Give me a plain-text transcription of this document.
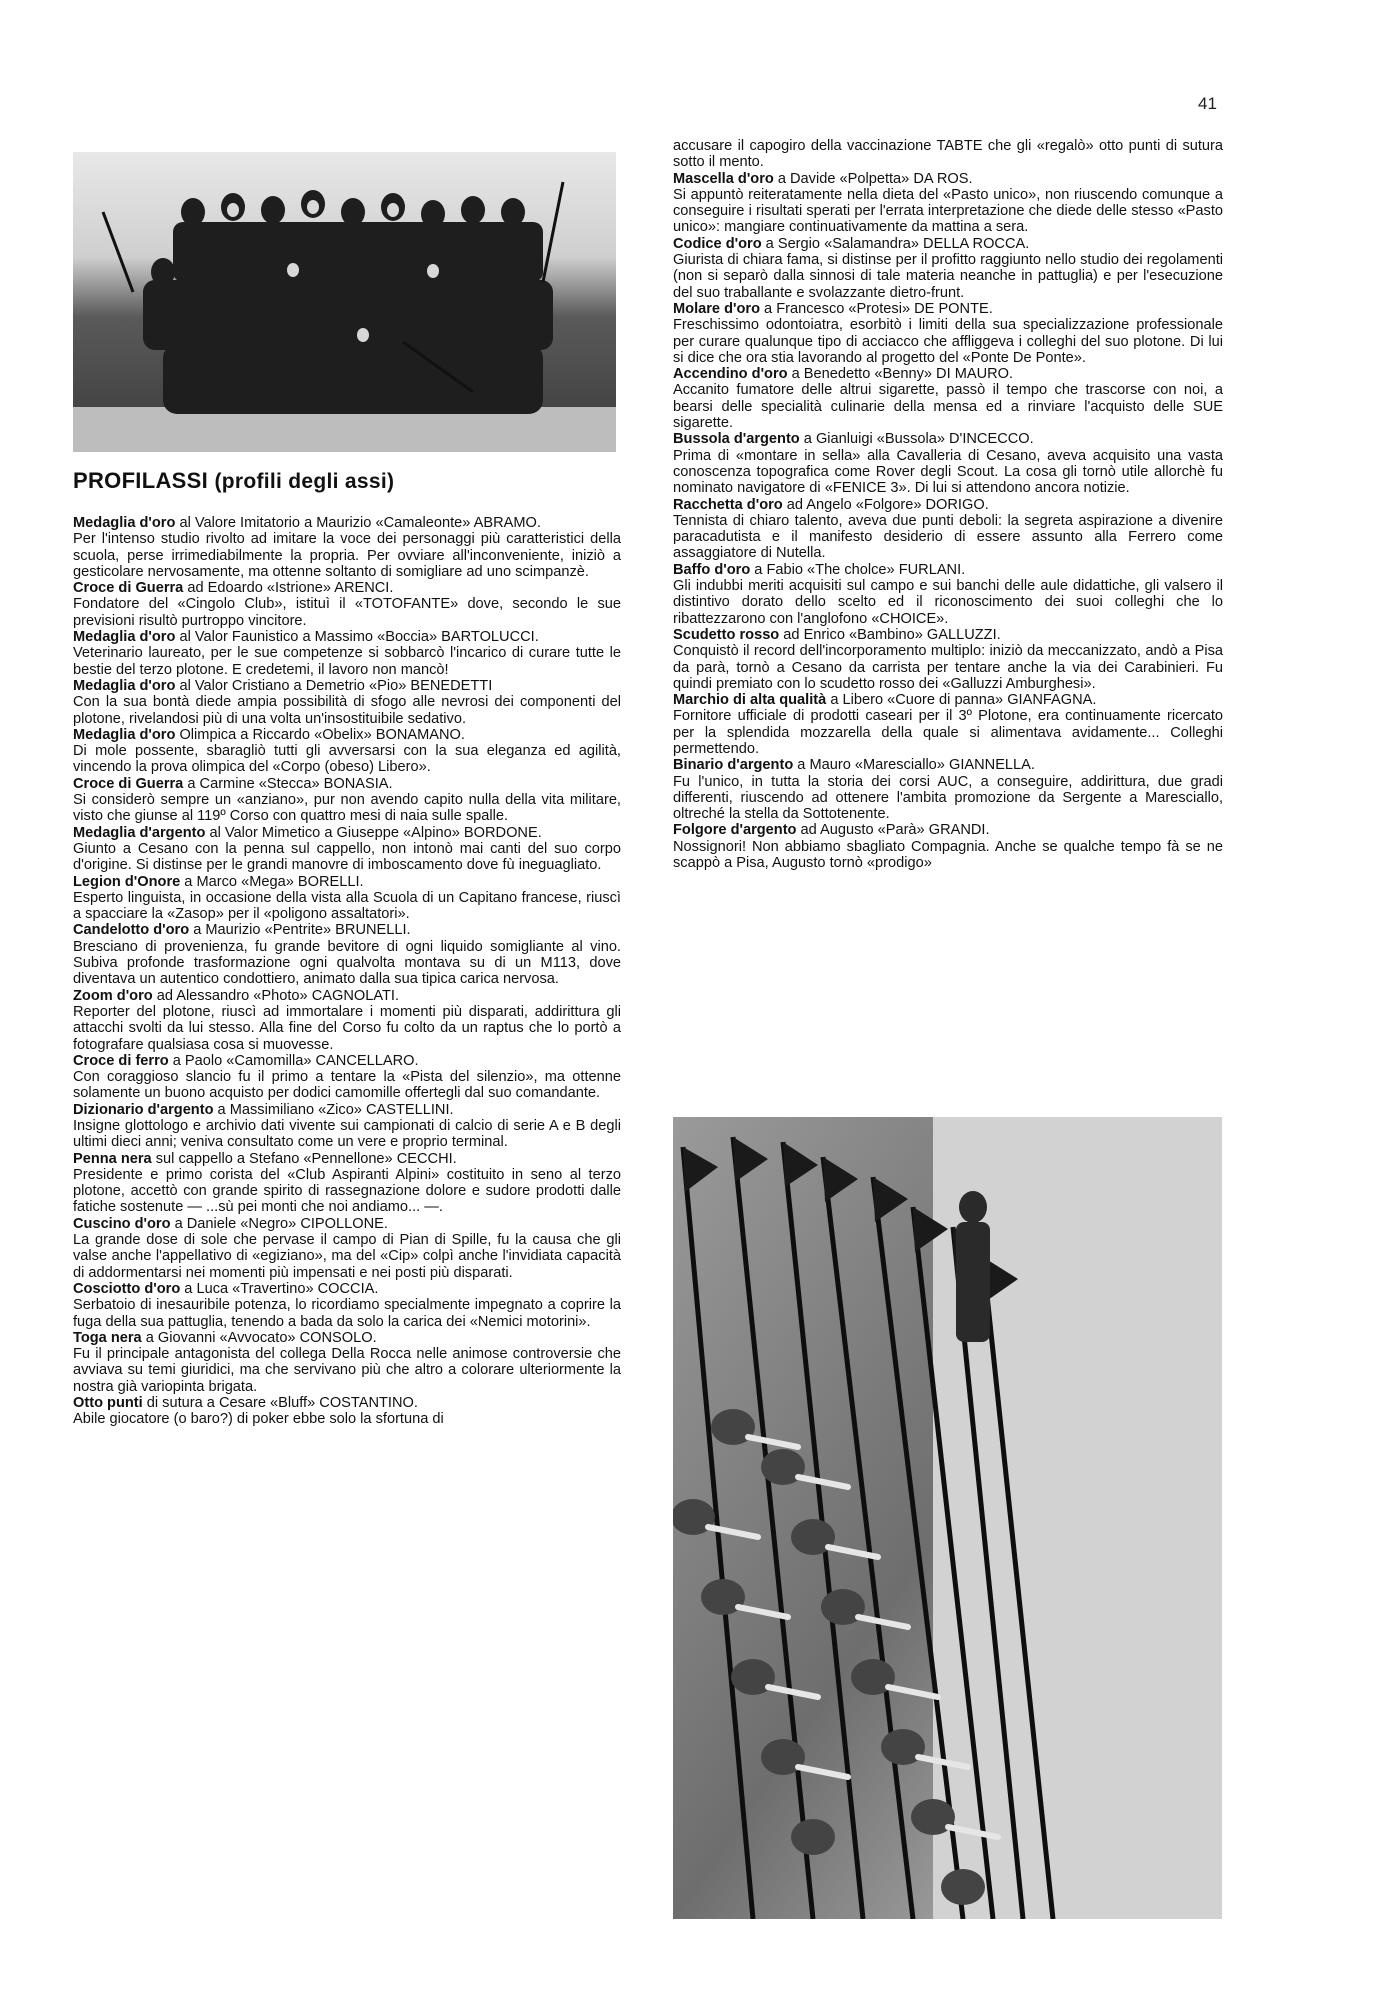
41
PROFILASSI (profili degli assi)

Medaglia d'oro al Valore Imitatorio a Maurizio «Camaleonte» ABRAMO.
Per l'intenso studio rivolto ad imitare la voce dei personaggi più caratteristici della scuola, perse irrimediabilmente la propria. Per ovviare all'inconveniente, iniziò a gesticolare nervosamente, ma ottenne soltanto di somigliare ad uno scimpanzè.

Croce di Guerra ad Edoardo «Istrione» ARENCI.
Fondatore del «Cingolo Club», istituì il «TOTOFANTE» dove, secondo le sue previsioni risultò purtroppo vincitore.

Medaglia d'oro al Valor Faunistico a Massimo «Boccia» BARTOLUCCI.
Veterinario laureato, per le sue competenze si sobbarcò l'incarico di curare tutte le bestie del terzo plotone. E credetemi, il lavoro non mancò!

Medaglia d'oro al Valor Cristiano a Demetrio «Pio» BENEDETTI
Con la sua bontà diede ampia possibilità di sfogo alle nevrosi dei componenti del plotone, rivelandosi più di una volta un'insostituibile sedativo.

Medaglia d'oro Olimpica a Riccardo «Obelix» BONAMANO.
Di mole possente, sbaragliò tutti gli avversarsi con la sua eleganza ed agilità, vincendo la prova olimpica del «Corpo (obeso) Libero».

Croce di Guerra a Carmine «Stecca» BONASIA.
Si considerò sempre un «anziano», pur non avendo capito nulla della vita militare, visto che giunse al 119º Corso con quattro mesi di naia sulle spalle.

Medaglia d'argento al Valor Mimetico a Giuseppe «Alpino» BORDONE.
Giunto a Cesano con la penna sul cappello, non intonò mai canti del suo corpo d'origine. Si distinse per le grandi manovre di imboscamento dove fù ineguagliato.

Legion d'Onore a Marco «Mega» BORELLI.
Esperto linguista, in occasione della vista alla Scuola di un Capitano francese, riuscì a spacciare la «Zasop» per il «poligono assaltatori».

Candelotto d'oro a Maurizio «Pentrite» BRUNELLI.
Bresciano di provenienza, fu grande bevitore di ogni liquido somigliante al vino. Subiva profonde trasformazione ogni qualvolta montava su di un M113, dove diventava un autentico condottiero, animato dalla sua tipica carica nervosa.

Zoom d'oro ad Alessandro «Photo» CAGNOLATI.
Reporter del plotone, riuscì ad immortalare i momenti più disparati, addirittura gli attacchi svolti da lui stesso. Alla fine del Corso fu colto da un raptus che lo portò a fotografare qualsiasa cosa si muovesse.

Croce di ferro a Paolo «Camomilla» CANCELLARO.
Con coraggioso slancio fu il primo a tentare la «Pista del silenzio», ma ottenne solamente un buono acquisto per dodici camomille offertegli dal suo comandante.

Dizionario d'argento a Massimiliano «Zico» CASTELLINI.
Insigne glottologo e archivio dati vivente sui campionati di calcio di serie A e B degli ultimi dieci anni; veniva consultato come un vere e proprio terminal.

Penna nera sul cappello a Stefano «Pennellone» CECCHI.
Presidente e primo corista del «Club Aspiranti Alpini» costituito in seno al terzo plotone, accettò con grande spirito di rassegnazione dolore e sudore prodotti dalle fatiche sostenute — ...sù pei monti che noi andiamo... —.

Cuscino d'oro a Daniele «Negro» CIPOLLONE.
La grande dose di sole che pervase il campo di Pian di Spille, fu la causa che gli valse anche l'appellativo di «egiziano», ma del «Cip» colpì anche l'invidiata capacità di addormentarsi nei momenti più impensati e nei posti più disparati.

Cosciotto d'oro a Luca «Travertino» COCCIA.
Serbatoio di inesauribile potenza, lo ricordiamo specialmente impegnato a coprire la fuga della sua pattuglia, tenendo a bada da solo la carica dei «Nemici motorini».

Toga nera a Giovanni «Avvocato» CONSOLO.
Fu il principale antagonista del collega Della Rocca nelle animose controversie che avviava su temi giuridici, ma che servivano più che altro a colorare ulteriormente la nostra già variopinta brigata.

Otto punti di sutura a Cesare «Bluff» COSTANTINO.
Abile giocatore (o baro?) di poker ebbe solo la sfortuna di

accusare il capogiro della vaccinazione TABTE che gli «regalò» otto punti di sutura sotto il mento.

Mascella d'oro a Davide «Polpetta» DA ROS.
Si appuntò reiteratamente nella dieta del «Pasto unico», non riuscendo comunque a conseguire i risultati sperati per l'errata interpretazione che diede delle stesso «Pasto unico»: mangiare continuativamente da mattina a sera.

Codice d'oro a Sergio «Salamandra» DELLA ROCCA.
Giurista di chiara fama, si distinse per il profitto raggiunto nello studio dei regolamenti (non si separò dalla sinnosi di tale materia neanche in pattuglia) e per l'esecuzione del suo traballante e svolazzante dietro-frunt.

Molare d'oro a Francesco «Protesi» DE PONTE.
Freschissimo odontoiatra, esorbitò i limiti della sua specializzazione professionale per curare qualunque tipo di acciacco che affliggeva i colleghi del suo plotone. Di lui si dice che ora stia lavorando al progetto del «Ponte De Ponte».

Accendino d'oro a Benedetto «Benny» DI MAURO.
Accanito fumatore delle altrui sigarette, passò il tempo che trascorse con noi, a bearsi delle specialità culinarie della mensa ed a rinviare l'acquisto delle SUE sigarette.

Bussola d'argento a Gianluigi «Bussola» D'INCECCO.
Prima di «montare in sella» alla Cavalleria di Cesano, aveva acquisito una vasta conoscenza topografica come Rover degli Scout. La cosa gli tornò utile allorchè fu nominato navigatore di «FENICE 3». Di lui si attendono ancora notizie.

Racchetta d'oro ad Angelo «Folgore» DORIGO.
Tennista di chiaro talento, aveva due punti deboli: la segreta aspirazione a divenire paracadutista e il manifesto desiderio di essere assunto alla Ferrero come assaggiatore di Nutella.

Baffo d'oro a Fabio «The cholce» FURLANI.
Gli indubbi meriti acquisiti sul campo e sui banchi delle aule didattiche, gli valsero il distintivo dorato dello scelto ed il riconoscimento dei suoi colleghi che lo ribattezzarono con l'anglofono «CHOICE».

Scudetto rosso ad Enrico «Bambino» GALLUZZI.
Conquistò il record dell'incorporamento multiplo: iniziò da meccanizzato, andò a Pisa da parà, tornò a Cesano da carrista per tentare anche la via dei Carabinieri. Fu quindi premiato con lo scudetto rosso dei «Galluzzi Amburghesi».

Marchio di alta qualità a Libero «Cuore di panna» GIANFAGNA.
Fornitore ufficiale di prodotti caseari per il 3º Plotone, era continuamente ricercato per la splendida mozzarella della quale si alimentava avidamente... Colleghi permettendo.

Binario d'argento a Mauro «Maresciallo» GIANNELLA.
Fu l'unico, in tutta la storia dei corsi AUC, a conseguire, addirittura, due gradi differenti, riuscendo ad ottenere l'ambita promozione da Sergente a Maresciallo, oltreché la stella da Sottotenente.

Folgore d'argento ad Augusto «Parà» GRANDI.
Nossignori! Non abbiamo sbagliato Compagnia. Anche se qualche tempo fà se ne scappò a Pisa, Augusto tornò «prodigo»
